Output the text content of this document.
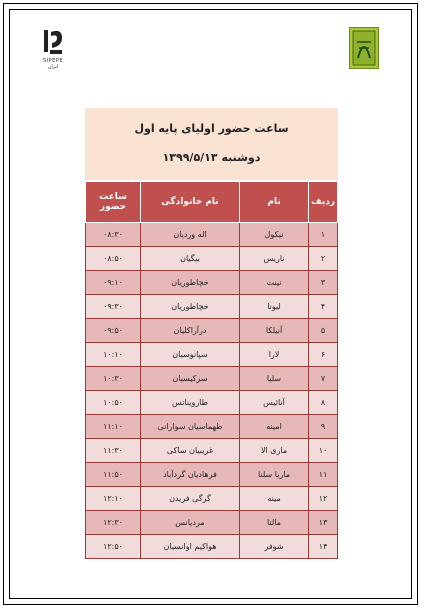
SIPEPE ایران
ساعت حضور اولیای پایه اول
دوشنبه ۱۳۹۹/۵/۱۳
ردیف	نام	نام خانوادگی	ساعت حضور
۱	نیکول	اله وردیان	۰۸:۳۰
۲	ناریس	بیگیان	۰۸:۵۰
۳	نینت	خچاطوریان	۰۹:۱۰
۴	لیونا	خچاطوریان	۰۹:۳۰
۵	آنیلکا	درآراکلیان	۰۹:۵۰
۶	لارا	سپانوسیان	۱۰:۱۰
۷	سلیا	سرکیسیان	۱۰:۳۰
۸	آنائیس	طاروینانس	۱۰:۵۰
۹	امینه	طهماسیان سوارانی	۱۱:۱۰
۱۰	ماری الا	غریبیان ساکی	۱۱:۳۰
۱۱	ماریا سلنا	فرهادیان گردآباد	۱۱:۵۰
۱۲	مینه	گرگی فریدن	۱۲:۱۰
۱۳	مالتا	مردیانس	۱۲:۳۰
۱۴	شوفر	هواکیم اوانسیان	۱۲:۵۰
